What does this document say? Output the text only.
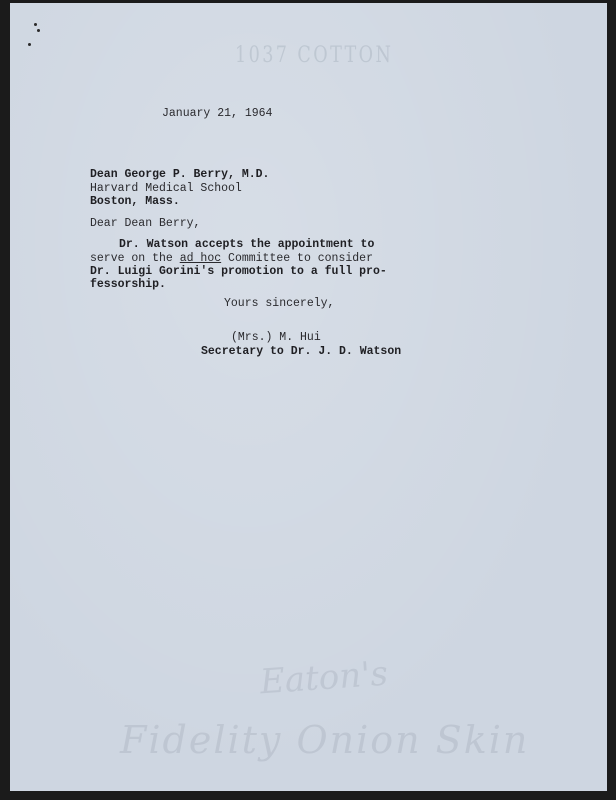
1037 COTTON
Eaton's
Fidelity Onion Skin
January 21, 1964
Dean George P. Berry, M.D.
Harvard Medical School
Boston, Mass.
Dear Dean Berry,
Dr. Watson accepts the appointment to
serve on the ad hoc Committee to consider
Dr. Luigi Gorini's promotion to a full pro-
fessorship.
Yours sincerely,
(Mrs.) M. Hui
Secretary to Dr. J. D. Watson
